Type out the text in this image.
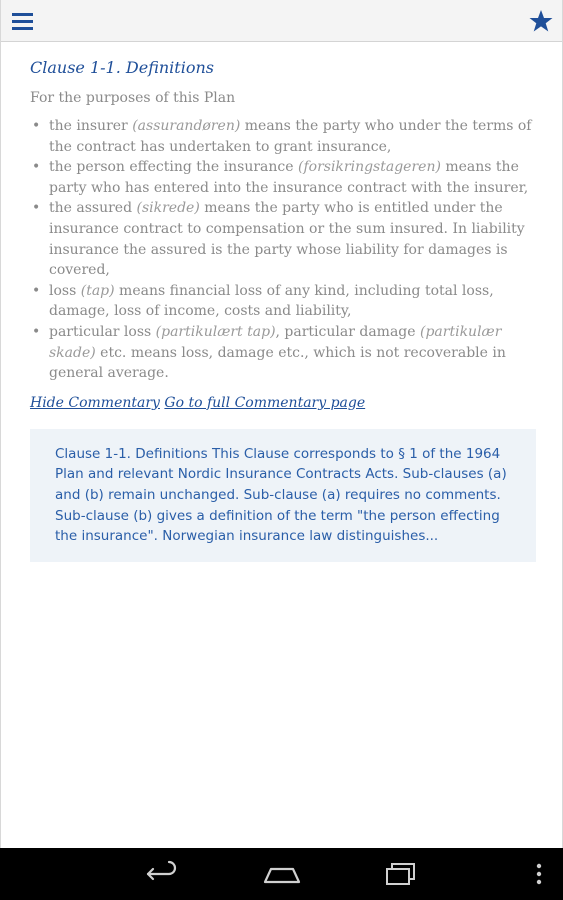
Clause 1-1. Definitions

For the purposes of this Plan

• the insurer (assurandøren) means the party who under the terms of the contract has undertaken to grant insurance,
• the person effecting the insurance (forsikringstageren) means the party who has entered into the insurance contract with the insurer,
• the assured (sikrede) means the party who is entitled under the insurance contract to compensation or the sum insured. In liability insurance the assured is the party whose liability for damages is covered,
• loss (tap) means financial loss of any kind, including total loss, damage, loss of income, costs and liability,
• particular loss (partikulært tap), particular damage (partikulær skade) etc. means loss, damage etc., which is not recoverable in general average.
Hide Commentary Go to full Commentary page
Clause 1-1. Definitions This Clause corresponds to § 1 of the 1964 Plan and relevant Nordic Insurance Contracts Acts. Sub-clauses (a) and (b) remain unchanged. Sub-clause (a) requires no comments. Sub-clause (b) gives a definition of the term "the person effecting the insurance". Norwegian insurance law distinguishes...
